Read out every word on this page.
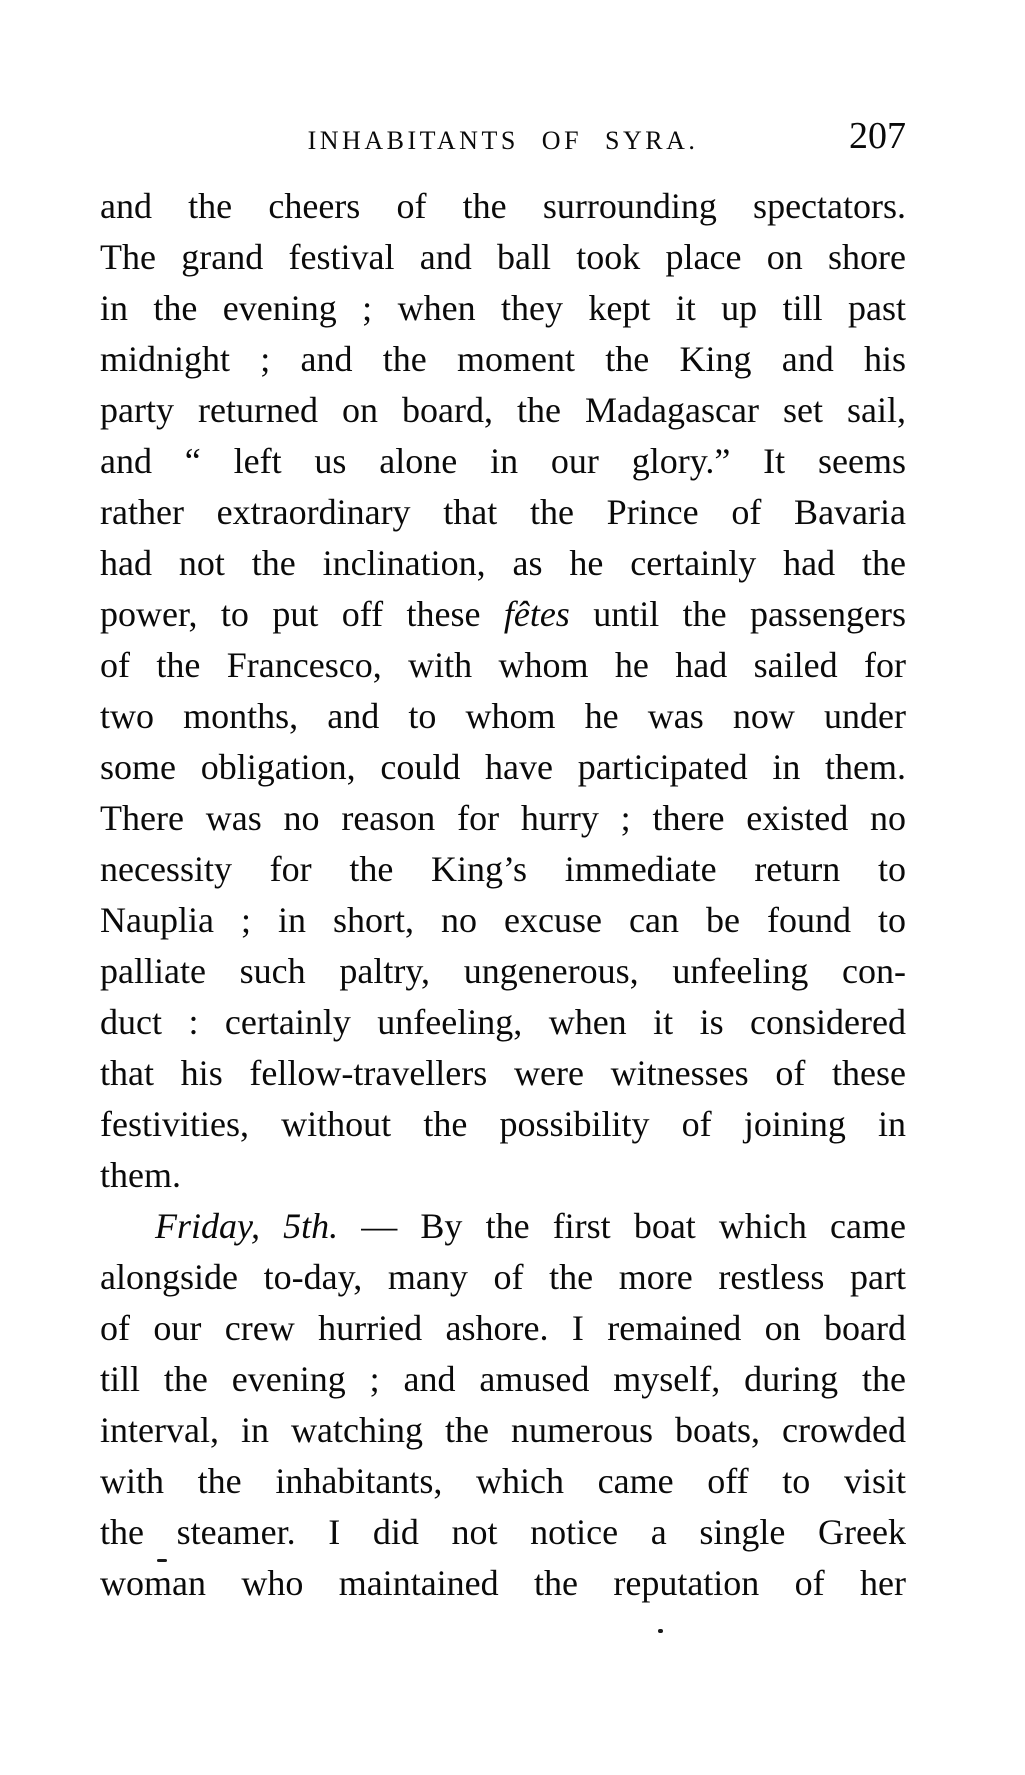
INHABITANTS OF SYRA.	207
and the cheers of the surrounding spectators.
The grand festival and ball took place on shore
in the evening ; when they kept it up till past
midnight ; and the moment the King and his
party returned on board, the Madagascar set sail,
and “ left us alone in our glory.” It seems
rather extraordinary that the Prince of Bavaria
had not the inclination, as he certainly had the
power, to put off these fêtes until the passengers
of the Francesco, with whom he had sailed for
two months, and to whom he was now under
some obligation, could have participated in them.
There was no reason for hurry ; there existed no
necessity for the King’s immediate return to
Nauplia ; in short, no excuse can be found to
palliate such paltry, ungenerous, unfeeling con-
duct : certainly unfeeling, when it is considered
that his fellow-travellers were witnesses of these
festivities, without the possibility of joining in
them.
Friday, 5th. — By the first boat which came
alongside to-day, many of the more restless part
of our crew hurried ashore. I remained on board
till the evening ; and amused myself, during the
interval, in watching the numerous boats, crowded
with the inhabitants, which came off to visit
the steamer. I did not notice a single Greek
woman who maintained the reputation of her
